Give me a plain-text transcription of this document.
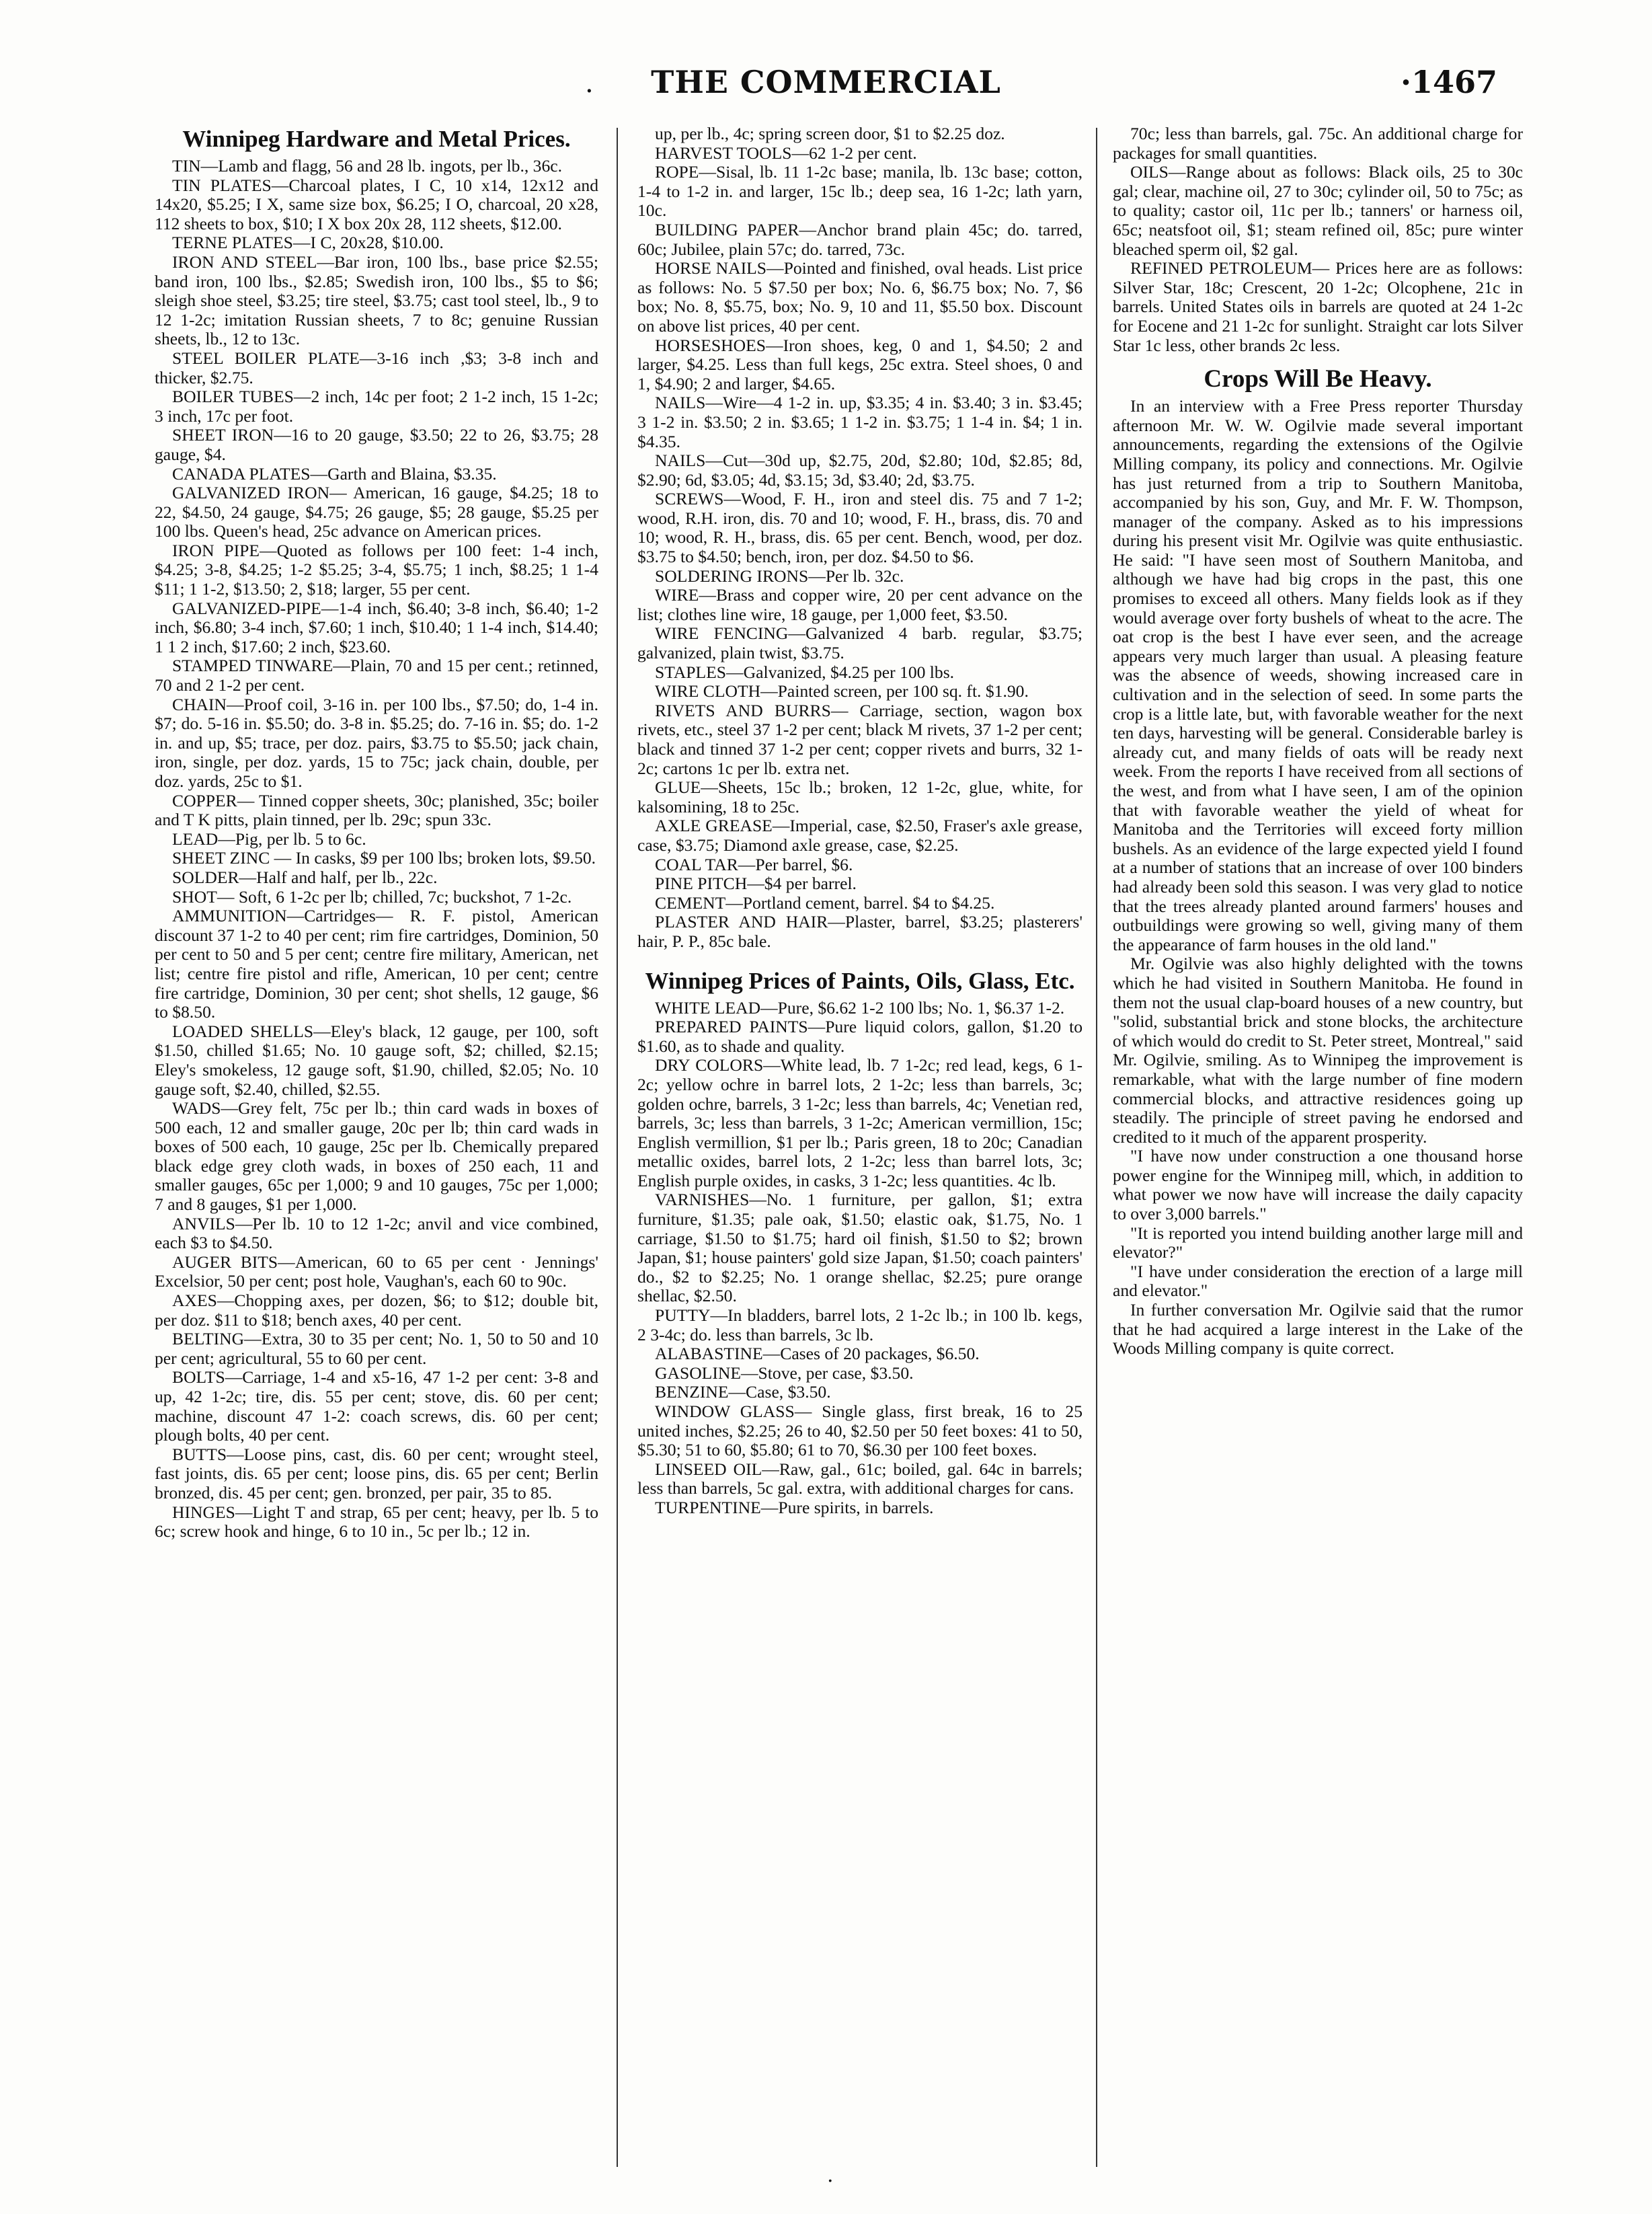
.	THE COMMERCIAL	·1467
Winnipeg Hardware and Metal Prices.

TIN—Lamb and flagg, 56 and 28 lb. ingots, per lb., 36c.

TIN PLATES—Charcoal plates, I C, 10 x14, 12x12 and 14x20, $5.25; I X, same size box, $6.25; I O, charcoal, 20 x28, 112 sheets to box, $10; I X box 20x 28, 112 sheets, $12.00.

TERNE PLATES—I C, 20x28, $10.00.

IRON AND STEEL—Bar iron, 100 lbs., base price $2.55; band iron, 100 lbs., $2.85; Swedish iron, 100 lbs., $5 to $6; sleigh shoe steel, $3.25; tire steel, $3.75; cast tool steel, lb., 9 to 12 1-2c; imitation Russian sheets, 7 to 8c; genuine Russian sheets, lb., 12 to 13c.

STEEL BOILER PLATE—3-16 inch ,$3; 3-8 inch and thicker, $2.75.

BOILER TUBES—2 inch, 14c per foot; 2 1-2 inch, 15 1-2c; 3 inch, 17c per foot.

SHEET IRON—16 to 20 gauge, $3.50; 22 to 26, $3.75; 28 gauge, $4.

CANADA PLATES—Garth and Blaina, $3.35.

GALVANIZED IRON— American, 16 gauge, $4.25; 18 to 22, $4.50, 24 gauge, $4.75; 26 gauge, $5; 28 gauge, $5.25 per 100 lbs. Queen's head, 25c advance on American prices.

IRON PIPE—Quoted as follows per 100 feet: 1-4 inch, $4.25; 3-8, $4.25; 1-2 $5.25; 3-4, $5.75; 1 inch, $8.25; 1 1-4 $11; 1 1-2, $13.50; 2, $18; larger, 55 per cent.

GALVANIZED-PIPE—1-4 inch, $6.40; 3-8 inch, $6.40; 1-2 inch, $6.80; 3-4 inch, $7.60; 1 inch, $10.40; 1 1-4 inch, $14.40; 1 1 2 inch, $17.60; 2 inch, $23.60.

STAMPED TINWARE—Plain, 70 and 15 per cent.; retinned, 70 and 2 1-2 per cent.

CHAIN—Proof coil, 3-16 in. per 100 lbs., $7.50; do, 1-4 in. $7; do. 5-16 in. $5.50; do. 3-8 in. $5.25; do. 7-16 in. $5; do. 1-2 in. and up, $5; trace, per doz. pairs, $3.75 to $5.50; jack chain, iron, single, per doz. yards, 15 to 75c; jack chain, double, per doz. yards, 25c to $1.

COPPER— Tinned copper sheets, 30c; planished, 35c; boiler and T K pitts, plain tinned, per lb. 29c; spun 33c.

LEAD—Pig, per lb. 5 to 6c.

SHEET ZINC — In casks, $9 per 100 lbs; broken lots, $9.50.

SOLDER—Half and half, per lb., 22c.

SHOT— Soft, 6 1-2c per lb; chilled, 7c; buckshot, 7 1-2c.

AMMUNITION—Cartridges— R. F. pistol, American discount 37 1-2 to 40 per cent; rim fire cartridges, Dominion, 50 per cent to 50 and 5 per cent; centre fire military, American, net list; centre fire pistol and rifle, American, 10 per cent; centre fire cartridge, Dominion, 30 per cent; shot shells, 12 gauge, $6 to $8.50.

LOADED SHELLS—Eley's black, 12 gauge, per 100, soft $1.50, chilled $1.65; No. 10 gauge soft, $2; chilled, $2.15; Eley's smokeless, 12 gauge soft, $1.90, chilled, $2.05; No. 10 gauge soft, $2.40, chilled, $2.55.

WADS—Grey felt, 75c per lb.; thin card wads in boxes of 500 each, 12 and smaller gauge, 20c per lb; thin card wads in boxes of 500 each, 10 gauge, 25c per lb. Chemically prepared black edge grey cloth wads, in boxes of 250 each, 11 and smaller gauges, 65c per 1,000; 9 and 10 gauges, 75c per 1,000; 7 and 8 gauges, $1 per 1,000.

ANVILS—Per lb. 10 to 12 1-2c; anvil and vice combined, each $3 to $4.50.

AUGER BITS—American, 60 to 65 per cent · Jennings' Excelsior, 50 per cent; post hole, Vaughan's, each 60 to 90c.

AXES—Chopping axes, per dozen, $6; to $12; double bit, per doz. $11 to $18; bench axes, 40 per cent.

BELTING—Extra, 30 to 35 per cent; No. 1, 50 to 50 and 10 per cent; agricultural, 55 to 60 per cent.

BOLTS—Carriage, 1-4 and x5-16, 47 1-2 per cent: 3-8 and up, 42 1-2c; tire, dis. 55 per cent; stove, dis. 60 per cent; machine, discount 47 1-2: coach screws, dis. 60 per cent; plough bolts, 40 per cent.

BUTTS—Loose pins, cast, dis. 60 per cent; wrought steel, fast joints, dis. 65 per cent; loose pins, dis. 65 per cent; Berlin bronzed, dis. 45 per cent; gen. bronzed, per pair, 35 to 85.

HINGES—Light T and strap, 65 per cent; heavy, per lb. 5 to 6c; screw hook and hinge, 6 to 10 in., 5c per lb.; 12 in.

up, per lb., 4c; spring screen door, $1 to $2.25 doz.

HARVEST TOOLS—62 1-2 per cent.

ROPE—Sisal, lb. 11 1-2c base; manila, lb. 13c base; cotton, 1-4 to 1-2 in. and larger, 15c lb.; deep sea, 16 1-2c; lath yarn, 10c.

BUILDING PAPER—Anchor brand plain 45c; do. tarred, 60c; Jubilee, plain 57c; do. tarred, 73c.

HORSE NAILS—Pointed and finished, oval heads. List price as follows: No. 5 $7.50 per box; No. 6, $6.75 box; No. 7, $6 box; No. 8, $5.75, box; No. 9, 10 and 11, $5.50 box. Discount on above list prices, 40 per cent.

HORSESHOES—Iron shoes, keg, 0 and 1, $4.50; 2 and larger, $4.25. Less than full kegs, 25c extra. Steel shoes, 0 and 1, $4.90; 2 and larger, $4.65.

NAILS—Wire—4 1-2 in. up, $3.35; 4 in. $3.40; 3 in. $3.45; 3 1-2 in. $3.50; 2 in. $3.65; 1 1-2 in. $3.75; 1 1-4 in. $4; 1 in. $4.35.

NAILS—Cut—30d up, $2.75, 20d, $2.80; 10d, $2.85; 8d, $2.90; 6d, $3.05; 4d, $3.15; 3d, $3.40; 2d, $3.75.

SCREWS—Wood, F. H., iron and steel dis. 75 and 7 1-2; wood, R.H. iron, dis. 70 and 10; wood, F. H., brass, dis. 70 and 10; wood, R. H., brass, dis. 65 per cent. Bench, wood, per doz. $3.75 to $4.50; bench, iron, per doz. $4.50 to $6.

SOLDERING IRONS—Per lb. 32c.

WIRE—Brass and copper wire, 20 per cent advance on the list; clothes line wire, 18 gauge, per 1,000 feet, $3.50.

WIRE FENCING—Galvanized 4 barb. regular, $3.75; galvanized, plain twist, $3.75.

STAPLES—Galvanized, $4.25 per 100 lbs.

WIRE CLOTH—Painted screen, per 100 sq. ft. $1.90.

RIVETS AND BURRS— Carriage, section, wagon box rivets, etc., steel 37 1-2 per cent; black M rivets, 37 1-2 per cent; black and tinned 37 1-2 per cent; copper rivets and burrs, 32 1-2c; cartons 1c per lb. extra net.

GLUE—Sheets, 15c lb.; broken, 12 1-2c, glue, white, for kalsomining, 18 to 25c.

AXLE GREASE—Imperial, case, $2.50, Fraser's axle grease, case, $3.75; Diamond axle grease, case, $2.25.

COAL TAR—Per barrel, $6.

PINE PITCH—$4 per barrel.

CEMENT—Portland cement, barrel. $4 to $4.25.

PLASTER AND HAIR—Plaster, barrel, $3.25; plasterers' hair, P. P., 85c bale.

Winnipeg Prices of Paints, Oils, Glass, Etc.

WHITE LEAD—Pure, $6.62 1-2 100 lbs; No. 1, $6.37 1-2.

PREPARED PAINTS—Pure liquid colors, gallon, $1.20 to $1.60, as to shade and quality.

DRY COLORS—White lead, lb. 7 1-2c; red lead, kegs, 6 1-2c; yellow ochre in barrel lots, 2 1-2c; less than barrels, 3c; golden ochre, barrels, 3 1-2c; less than barrels, 4c; Venetian red, barrels, 3c; less than barrels, 3 1-2c; American vermillion, 15c; English vermillion, $1 per lb.; Paris green, 18 to 20c; Canadian metallic oxides, barrel lots, 2 1-2c; less than barrel lots, 3c; English purple oxides, in casks, 3 1-2c; less quantities. 4c lb.

VARNISHES—No. 1 furniture, per gallon, $1; extra furniture, $1.35; pale oak, $1.50; elastic oak, $1.75, No. 1 carriage, $1.50 to $1.75; hard oil finish, $1.50 to $2; brown Japan, $1; house painters' gold size Japan, $1.50; coach painters' do., $2 to $2.25; No. 1 orange shellac, $2.25; pure orange shellac, $2.50.

PUTTY—In bladders, barrel lots, 2 1-2c lb.; in 100 lb. kegs, 2 3-4c; do. less than barrels, 3c lb.

ALABASTINE—Cases of 20 packages, $6.50.

GASOLINE—Stove, per case, $3.50.

BENZINE—Case, $3.50.

WINDOW GLASS— Single glass, first break, 16 to 25 united inches, $2.25; 26 to 40, $2.50 per 50 feet boxes: 41 to 50, $5.30; 51 to 60, $5.80; 61 to 70, $6.30 per 100 feet boxes.

LINSEED OIL—Raw, gal., 61c; boiled, gal. 64c in barrels; less than barrels, 5c gal. extra, with additional charges for cans.

TURPENTINE—Pure spirits, in barrels.

70c; less than barrels, gal. 75c. An additional charge for packages for small quantities.

OILS—Range about as follows: Black oils, 25 to 30c gal; clear, machine oil, 27 to 30c; cylinder oil, 50 to 75c; as to quality; castor oil, 11c per lb.; tanners' or harness oil, 65c; neatsfoot oil, $1; steam refined oil, 85c; pure winter bleached sperm oil, $2 gal.

REFINED PETROLEUM— Prices here are as follows: Silver Star, 18c; Crescent, 20 1-2c; Olcophene, 21c in barrels. United States oils in barrels are quoted at 24 1-2c for Eocene and 21 1-2c for sunlight. Straight car lots Silver Star 1c less, other brands 2c less.

Crops Will Be Heavy.

In an interview with a Free Press reporter Thursday afternoon Mr. W. W. Ogilvie made several important announcements, regarding the extensions of the Ogilvie Milling company, its policy and connections. Mr. Ogilvie has just returned from a trip to Southern Manitoba, accompanied by his son, Guy, and Mr. F. W. Thompson, manager of the company. Asked as to his impressions during his present visit Mr. Ogilvie was quite enthusiastic. He said: "I have seen most of Southern Manitoba, and although we have had big crops in the past, this one promises to exceed all others. Many fields look as if they would average over forty bushels of wheat to the acre. The oat crop is the best I have ever seen, and the acreage appears very much larger than usual. A pleasing feature was the absence of weeds, showing increased care in cultivation and in the selection of seed. In some parts the crop is a little late, but, with favorable weather for the next ten days, harvesting will be general. Considerable barley is already cut, and many fields of oats will be ready next week. From the reports I have received from all sections of the west, and from what I have seen, I am of the opinion that with favorable weather the yield of wheat for Manitoba and the Territories will exceed forty million bushels. As an evidence of the large expected yield I found at a number of stations that an increase of over 100 binders had already been sold this season. I was very glad to notice that the trees already planted around farmers' houses and outbuildings were growing so well, giving many of them the appearance of farm houses in the old land."

Mr. Ogilvie was also highly delighted with the towns which he had visited in Southern Manitoba. He found in them not the usual clap-board houses of a new country, but "solid, substantial brick and stone blocks, the architecture of which would do credit to St. Peter street, Montreal," said Mr. Ogilvie, smiling. As to Winnipeg the improvement is remarkable, what with the large number of fine modern commercial blocks, and attractive residences going up steadily. The principle of street paving he endorsed and credited to it much of the apparent prosperity.

"I have now under construction a one thousand horse power engine for the Winnipeg mill, which, in addition to what power we now have will increase the daily capacity to over 3,000 barrels."

"It is reported you intend building another large mill and elevator?"

"I have under consideration the erection of a large mill and elevator."

In further conversation Mr. Ogilvie said that the rumor that he had acquired a large interest in the Lake of the Woods Milling company is quite correct.

.
